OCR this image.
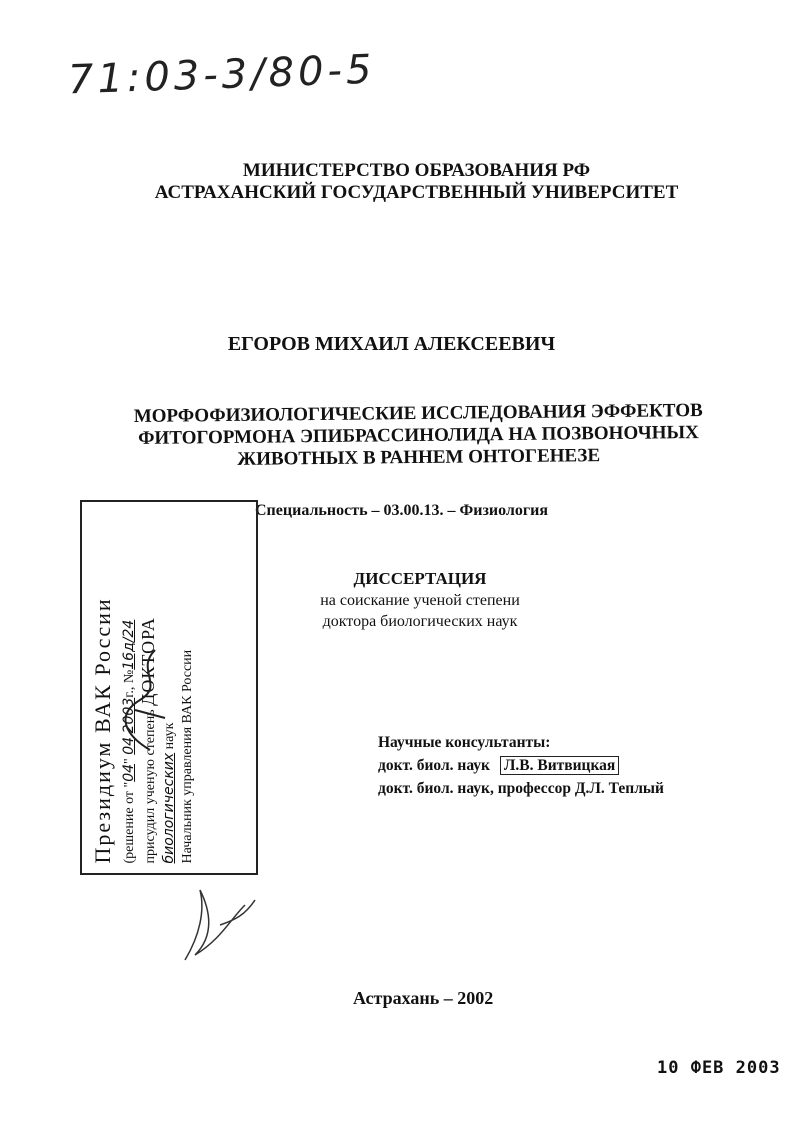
71:03-3/80-5
МИНИСТЕРСТВО ОБРАЗОВАНИЯ РФ
АСТРАХАНСКИЙ ГОСУДАРСТВЕННЫЙ УНИВЕРСИТЕТ
ЕГОРОВ МИХАИЛ АЛЕКСЕЕВИЧ
МОРФОФИЗИОЛОГИЧЕСКИЕ ИССЛЕДОВАНИЯ ЭФФЕКТОВ
ФИТОГОРМОНА ЭПИБРАССИНОЛИДА НА ПОЗВОНОЧНЫХ
ЖИВОТНЫХ В РАННЕМ ОНТОГЕНЕЗЕ
Специальность – 03.00.13. – Физиология
ДИССЕРТАЦИЯ
на соискание ученой степени
доктора биологических наук
Научные консультанты:
докт. биол. наук Л.В. Витвицкая
докт. биол. наук, профессор Д.Л. Теплый
Астрахань – 2002
10 ФЕВ 2003
Президиум ВАК России (решение от "04" 04 2003г., №16д/24
присудил ученую степень ДОКТОРА
биологических наук Начальник управления ВАК России
